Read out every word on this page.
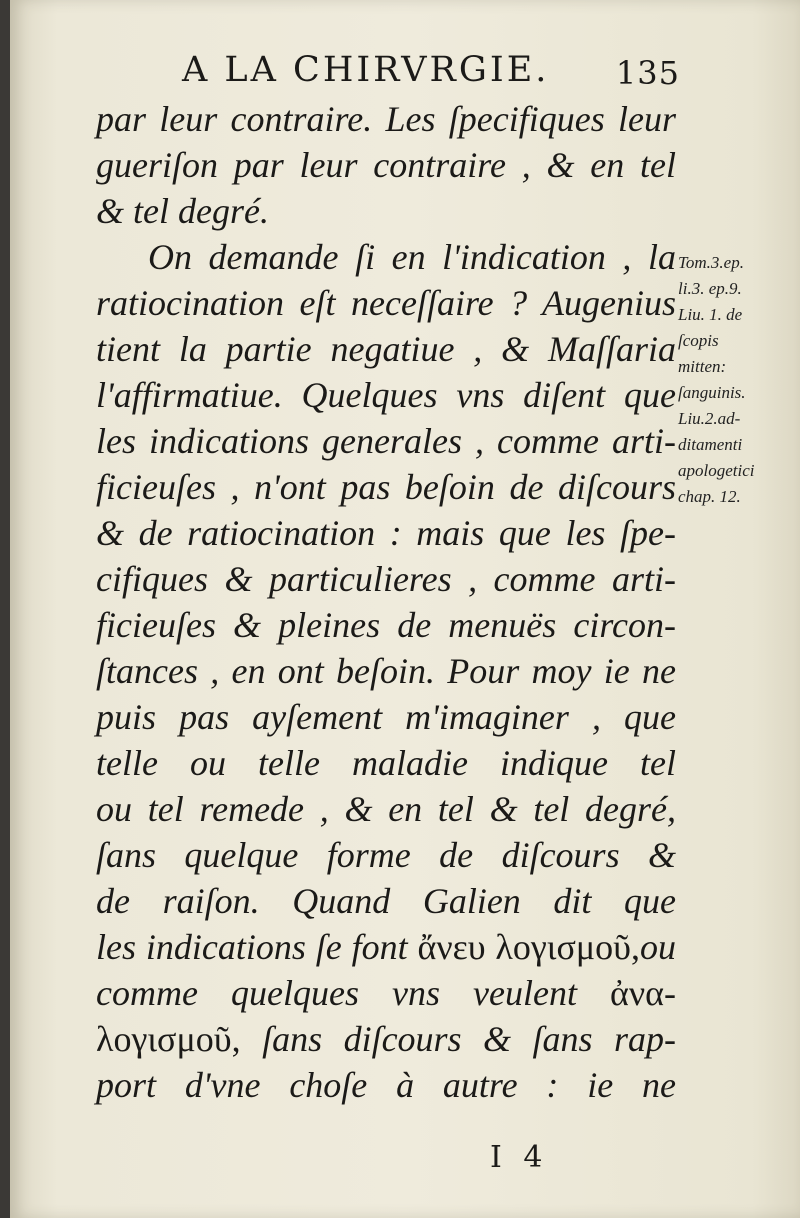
A LA CHIRVRGIE. 135
par leur contraire. Les ſpecifiques leur
gueriſon par leur contraire , & en tel
& tel degré.
On demande ſi en l'indication , la
ratiocination eſt neceſſaire ? Augenius
tient la partie negatiue , & Maſſaria
l'affirmatiue. Quelques vns diſent que
les indications generales , comme arti-
ficieuſes , n'ont pas beſoin de diſcours
& de ratiocination : mais que les ſpe-
cifiques & particulieres , comme arti-
ficieuſes & pleines de menuës circon-
ſtances , en ont beſoin. Pour moy ie ne
puis pas ayſement m'imaginer , que
telle ou telle maladie indique tel
ou tel remede , & en tel & tel degré,
ſans quelque forme de diſcours &
de raiſon. Quand Galien dit que
les indications ſe font ἄνευ λογισμοῦ,ou
comme quelques vns veulent ἀνα-
λογισμοῦ, ſans diſcours & ſans rap-
port d'vne choſe à autre : ie ne
Tom.3.ep.
li.3. ep.9.
Liu. 1. de
ſcopis
mitten:
ſanguinis.
Liu.2.ad-
ditamenti
apologetici
chap. 12.
I 4
